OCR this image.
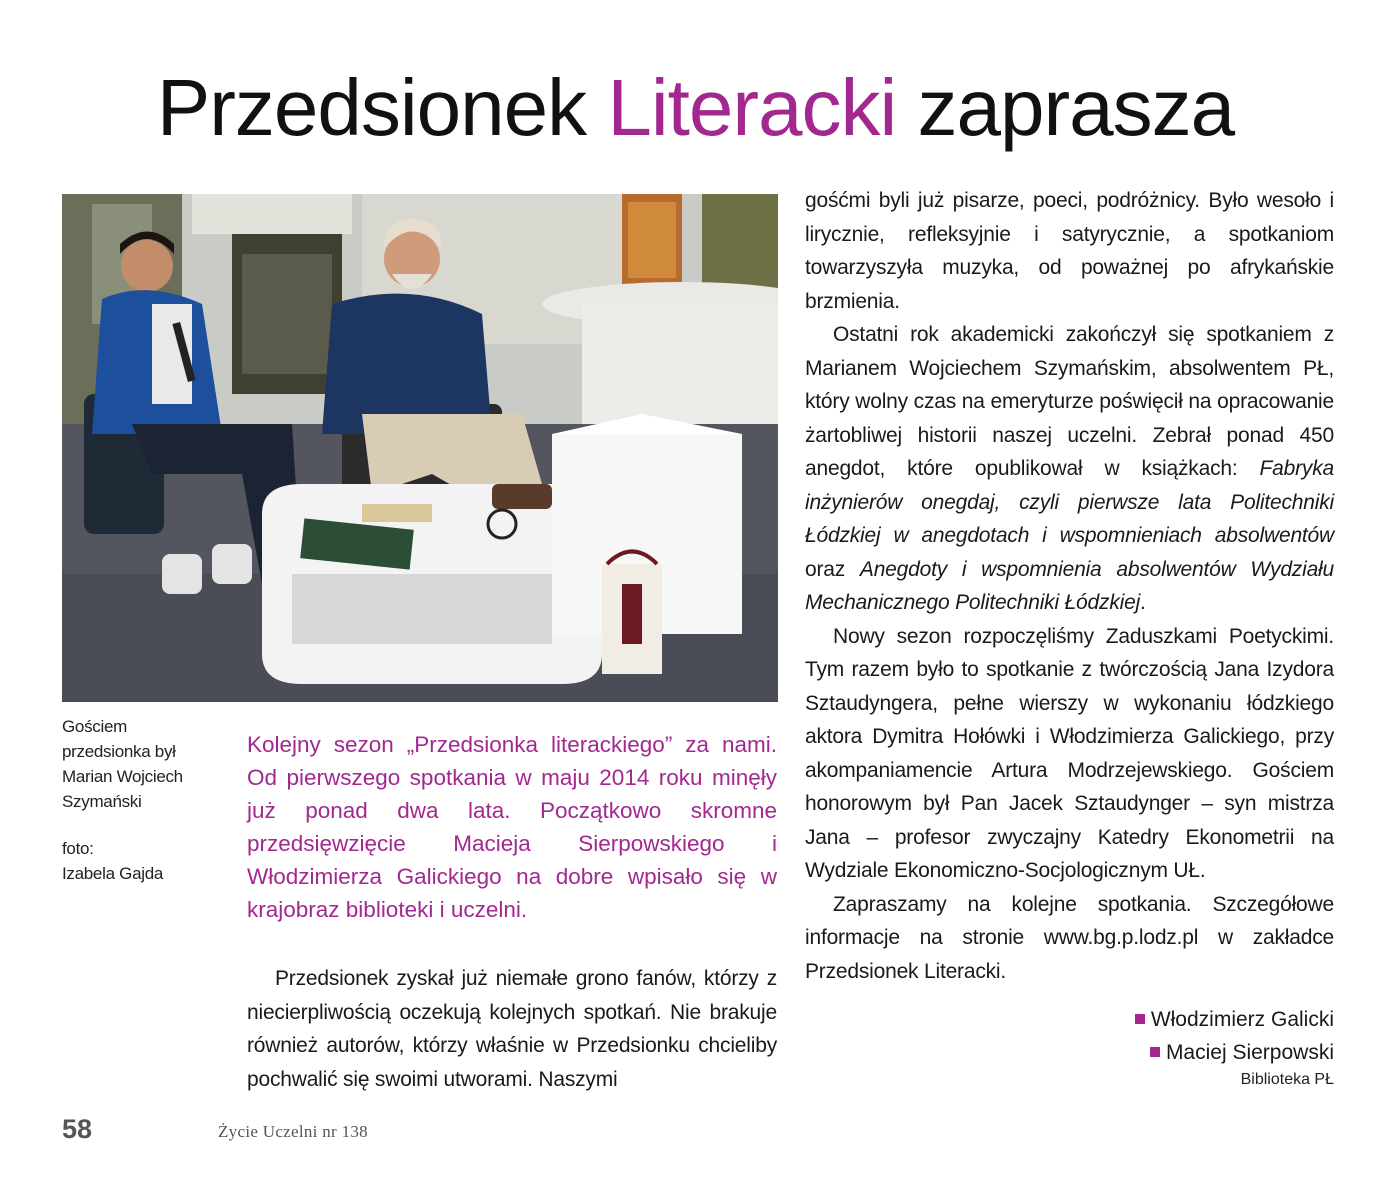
Przedsionek Literacki zaprasza
Gościem
przedsionka był
Marian Wojciech
Szymański
foto:
Izabela Gajda
Kolejny sezon „Przedsionka literackiego” za nami. Od pierwszego spotkania w maju 2014 roku minęły już ponad dwa lata. Początkowo skromne przedsięwzięcie Macieja Sierpowskiego i Włodzimierza Galickiego na dobre wpisało się w krajobraz biblioteki i uczelni.

Przedsionek zyskał już niemałe grono fanów, którzy z niecierpliwością oczekują kolejnych spotkań. Nie brakuje również autorów, którzy właśnie w Przedsionku chcieliby pochwalić się swoimi utworami. Naszymi

gośćmi byli już pisarze, poeci, podróżnicy. Było wesoło i lirycznie, refleksyjnie i satyrycznie, a spotkaniom towarzyszyła muzyka, od poważnej po afrykańskie brzmienia.

Ostatni rok akademicki zakończył się spotkaniem z Marianem Wojciechem Szymańskim, absolwentem PŁ, który wolny czas na emeryturze poświęcił na opracowanie żartobliwej historii naszej uczelni. Zebrał ponad 450 anegdot, które opublikował w książkach: Fabryka inżynierów onegdaj, czyli pierwsze lata Politechniki Łódzkiej w anegdotach i wspomnieniach absolwentów oraz Anegdoty i wspomnienia absolwentów Wydziału Mechanicznego Politechniki Łódzkiej.

Nowy sezon rozpoczęliśmy Zaduszkami Poetyckimi. Tym razem było to spotkanie z twórczością Jana Izydora Sztaudyngera, pełne wierszy w wykonaniu łódzkiego aktora Dymitra Hołówki i Włodzimierza Galickiego, przy akompaniamencie Artura Modrzejewskiego. Gościem honorowym był Pan Jacek Sztaudynger – syn mistrza Jana – profesor zwyczajny Katedry Ekonometrii na Wydziale Ekonomiczno-Socjologicznym UŁ.

Zapraszamy na kolejne spotkania. Szczegółowe informacje na stronie www.bg.p.lodz.pl w zakładce Przedsionek Literacki.

Włodzimierz Galicki
Maciej Sierpowski
Biblioteka PŁ
58	Życie Uczelni nr 138
